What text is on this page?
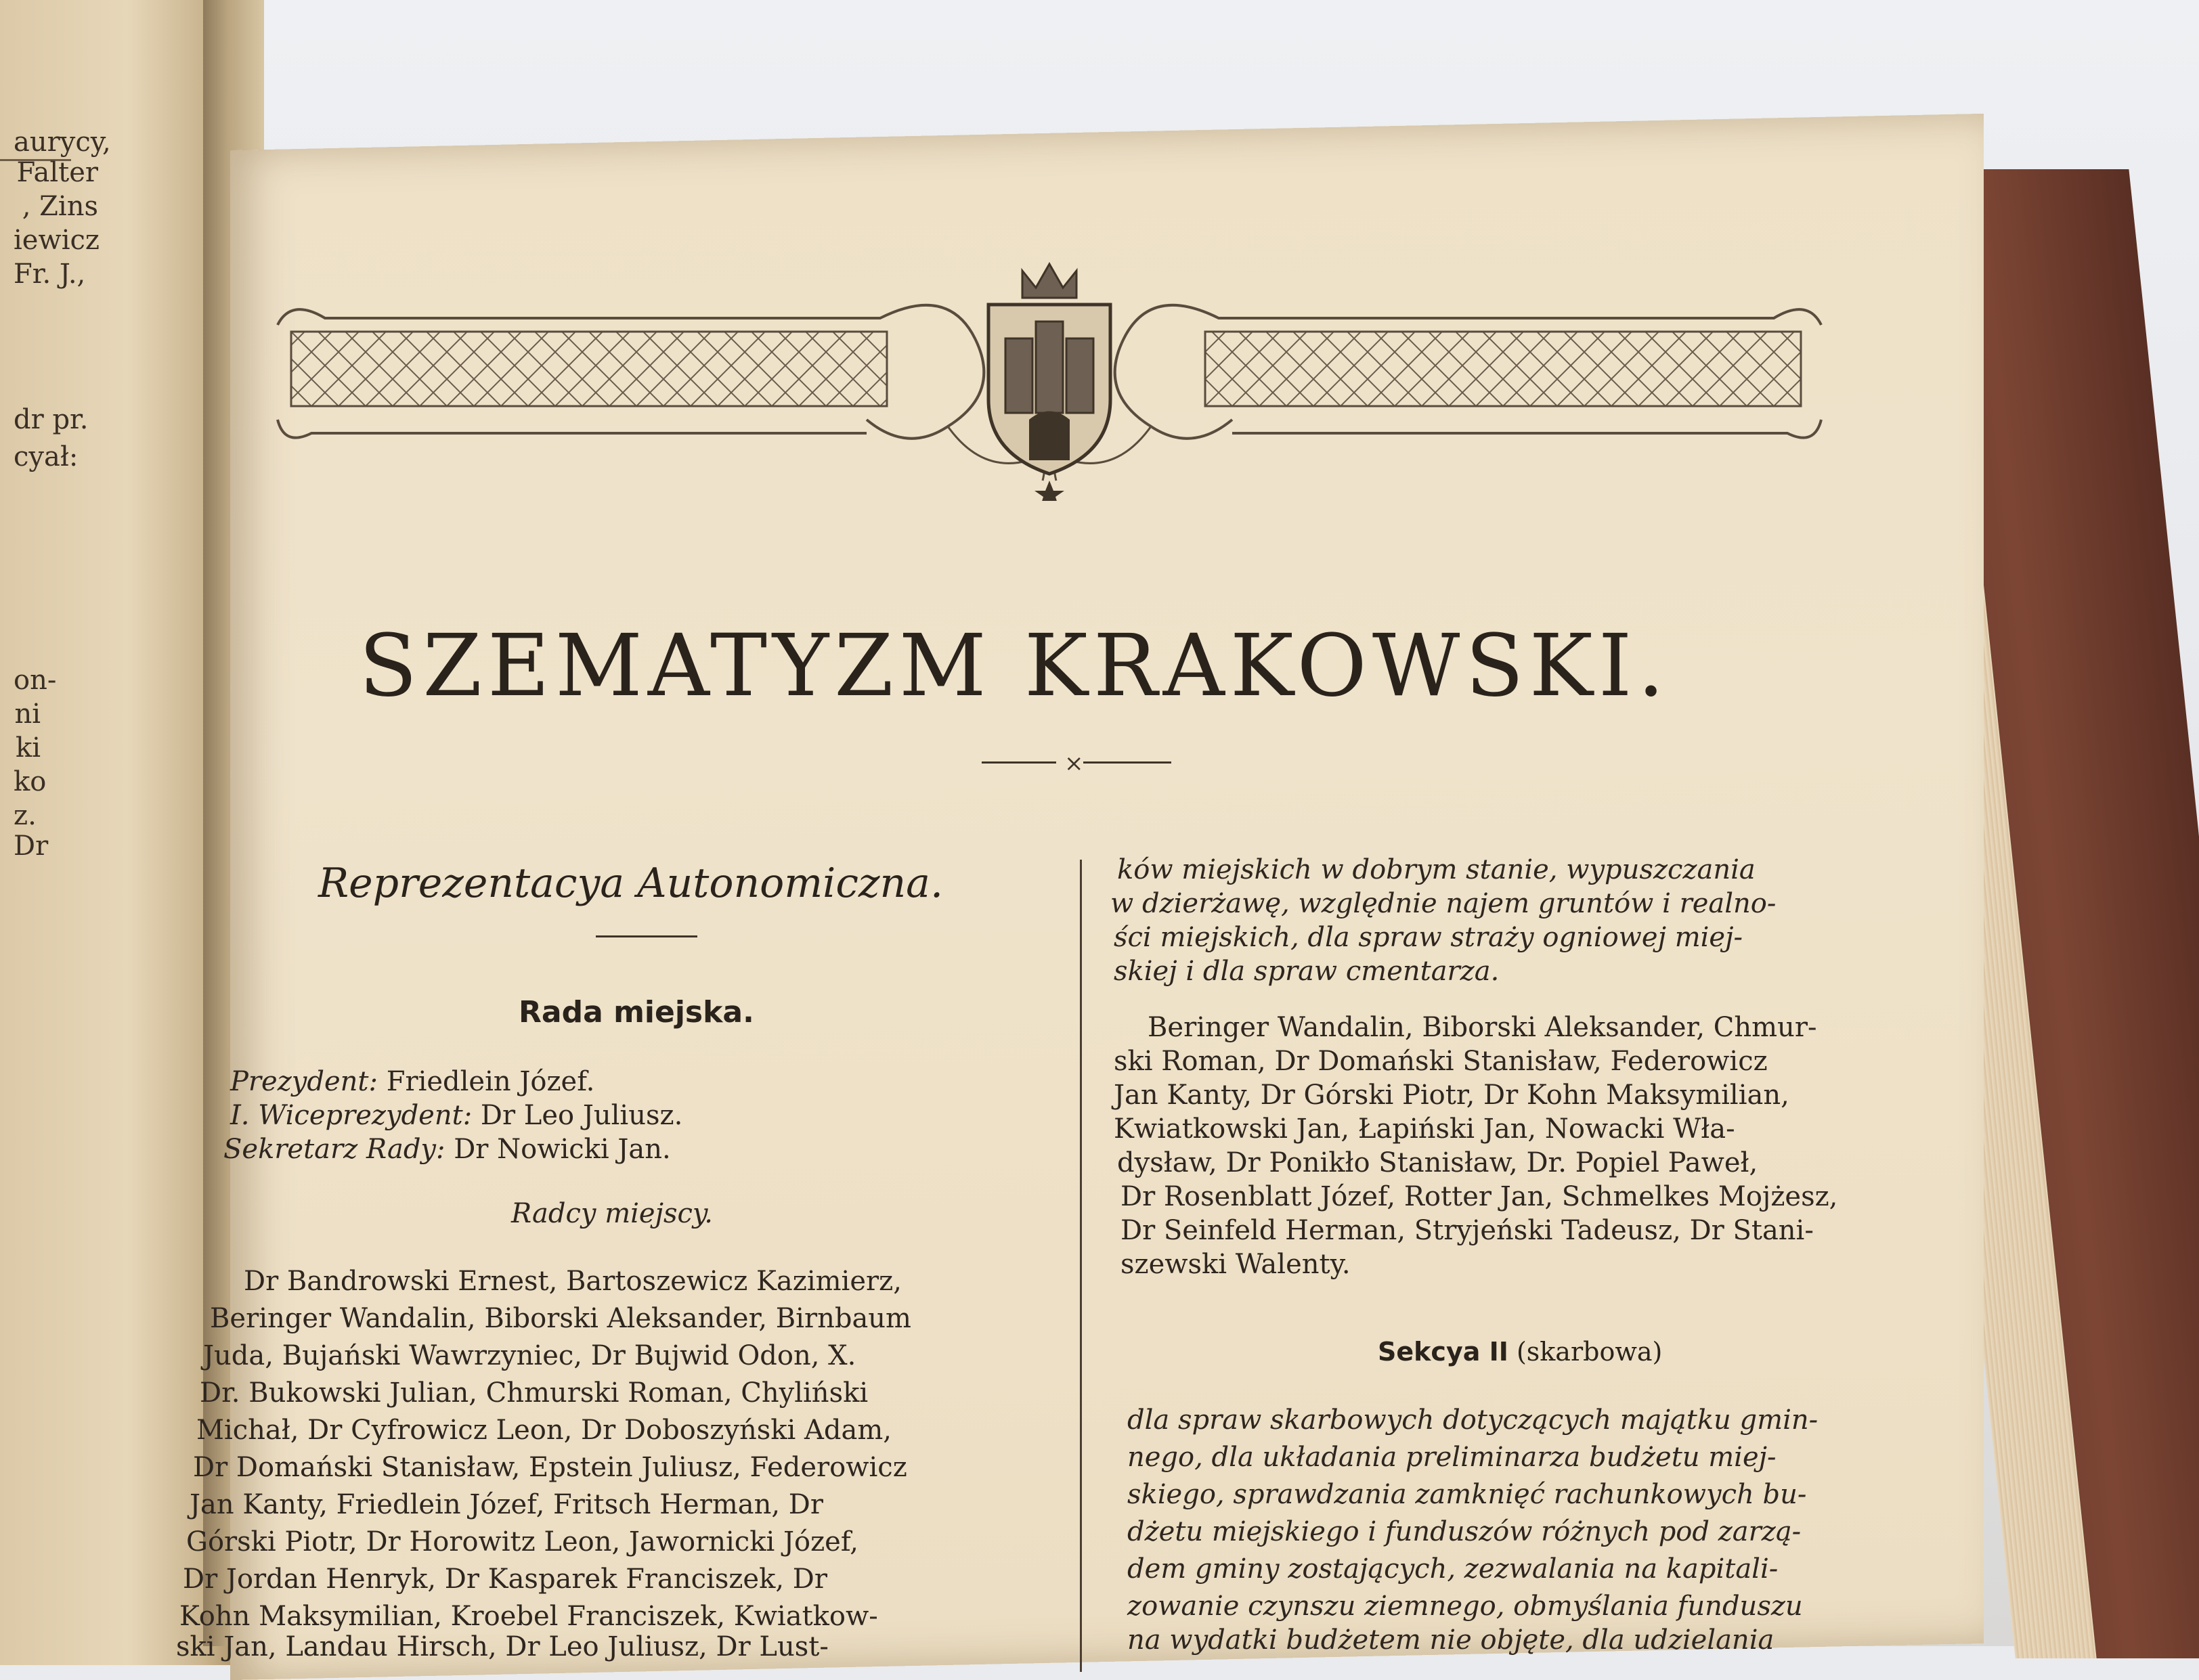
aurycy,
Falter
, Zins
iewicz
Fr. J.,
dr pr.
cyał:
on-
ni
ki
ko
z.
Dr
SZEMATYZM KRAKOWSKI.
×
Reprezentacya Autonomiczna.
Rada miejska.
Prezydent: Friedlein Józef.
I. Wiceprezydent: Dr Leo Juliusz.
Sekretarz Rady: Dr Nowicki Jan.
Radcy miejscy.
Dr Bandrowski Ernest, Bartoszewicz Kazimierz,
Beringer Wandalin, Biborski Aleksander, Birnbaum
Juda, Bujański Wawrzyniec, Dr Bujwid Odon, X.
Dr. Bukowski Julian, Chmurski Roman, Chyliński
Michał, Dr Cyfrowicz Leon, Dr Doboszyński Adam,
Dr Domański Stanisław, Epstein Juliusz, Federowicz
Jan Kanty, Friedlein Józef, Fritsch Herman, Dr
Górski Piotr, Dr Horowitz Leon, Jawornicki Józef,
Dr Jordan Henryk, Dr Kasparek Franciszek, Dr
Kohn Maksymilian, Kroebel Franciszek, Kwiatkow-
ski Jan, Landau Hirsch, Dr Leo Juliusz, Dr Lust-
ków miejskich w dobrym stanie, wypuszczania
w dzierżawę, względnie najem gruntów i realno-
ści miejskich, dla spraw straży ogniowej miej-
skiej i dla spraw cmentarza.
Beringer Wandalin, Biborski Aleksander, Chmur-
ski Roman, Dr Domański Stanisław, Federowicz
Jan Kanty, Dr Górski Piotr, Dr Kohn Maksymilian,
Kwiatkowski Jan, Łapiński Jan, Nowacki Wła-
dysław, Dr Ponikło Stanisław, Dr. Popiel Paweł,
Dr Rosenblatt Józef, Rotter Jan, Schmelkes Mojżesz,
Dr Seinfeld Herman, Stryjeński Tadeusz, Dr Stani-
szewski Walenty.
Sekcya II (skarbowa)
dla spraw skarbowych dotyczących majątku gmin-
nego, dla układania preliminarza budżetu miej-
skiego, sprawdzania zamknięć rachunkowych bu-
dżetu miejskiego i funduszów różnych pod zarzą-
dem gminy zostających, zezwalania na kapitali-
zowanie czynszu ziemnego, obmyślania funduszu
na wydatki budżetem nie objęte, dla udzielania
